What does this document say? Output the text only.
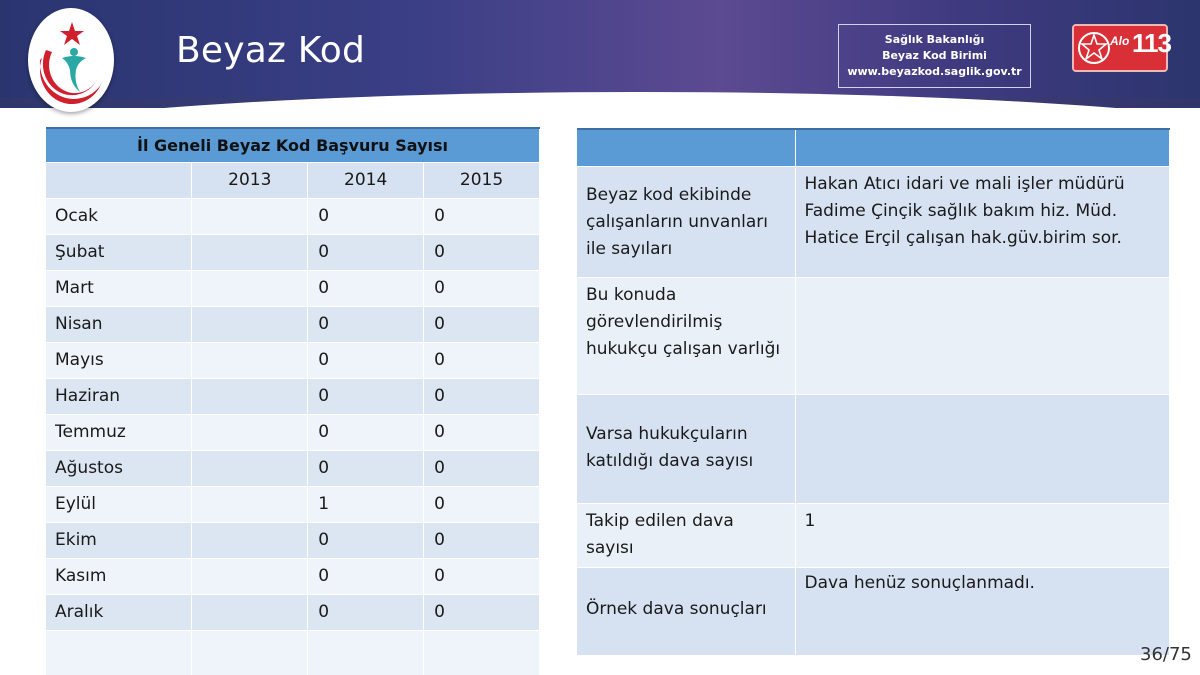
Beyaz Kod	Sağlık Bakanlığı
Beyaz Kod Birimi
www.beyazkod.saglik.gov.tr
Alo 113
İl Geneli Beyaz Kod Başvuru Sayısı			
	2013	2014	2015
Ocak		0	0
Şubat		0	0
Mart		0	0
Nisan		0	0
Mayıs		0	0
Haziran		0	0
Temmuz		0	0
Ağustos		0	0
Eylül		1	0
Ekim		0	0
Kasım		0	0
Aralık		0	0

Beyaz kod ekibinde çalışanların unvanları ile sayıları	Hakan Atıcı idari ve mali işler müdürü
Fadime Çinçik sağlık bakım hiz. Müd.
Hatice Erçil çalışan hak.güv.birim sor.

Bu konuda görevlendirilmiş hukukçu çalışan varlığı	

Varsa hukukçuların katıldığı dava sayısı	

Takip edilen dava sayısı	1

Örnek dava sonuçları	Dava henüz sonuçlanmadı.
36/75
